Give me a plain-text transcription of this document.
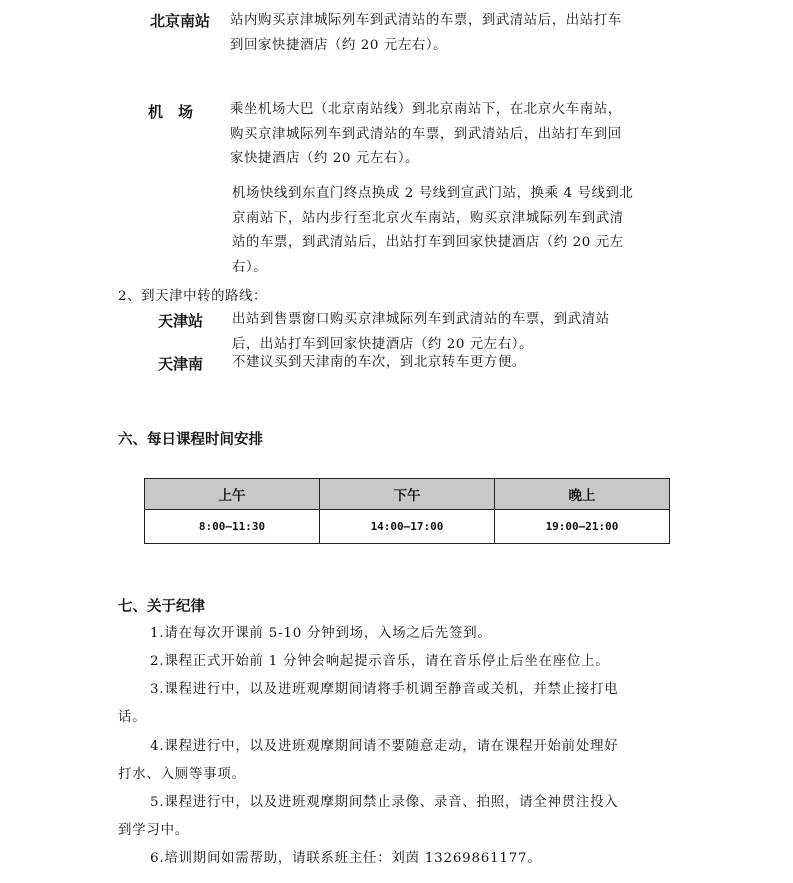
北京南站 站内购买京津城际列车到武清站的车票，到武清站后，出站打车
到回家快捷酒店（约 20 元左右）。
机　场	乘坐机场大巴（北京南站线）到北京南站下，在北京火车南站，
购买京津城际列车到武清站的车票，到武清站后，出站打车到回
家快捷酒店（约 20 元左右）。
机场快线到东直门终点换成 2 号线到宣武门站，换乘 4 号线到北
京南站下，站内步行至北京火车南站，购买京津城际列车到武清
站的车票，到武清站后，出站打车到回家快捷酒店（约 20 元左
右）。
2、到天津中转的路线：
天津站 出站到售票窗口购买京津城际列车到武清站的车票，到武清站
后，出站打车到回家快捷酒店（约 20 元左右）。
天津南 不建议买到天津南的车次，到北京转车更方便。
六、每日课程时间安排
上午	下午	晚上
8:00—11:30	14:00—17:00	19:00—21:00
七、关于纪律
1.请在每次开课前 5-10 分钟到场，入场之后先签到。
2.课程正式开始前 1 分钟会响起提示音乐，请在音乐停止后坐在座位上。
3.课程进行中，以及进班观摩期间请将手机调至静音或关机，并禁止接打电
话。
4.课程进行中，以及进班观摩期间请不要随意走动，请在课程开始前处理好
打水、入厕等事项。
5.课程进行中，以及进班观摩期间禁止录像、录音、拍照，请全神贯注投入
到学习中。
6.培训期间如需帮助，请联系班主任：刘茵 13269861177。
